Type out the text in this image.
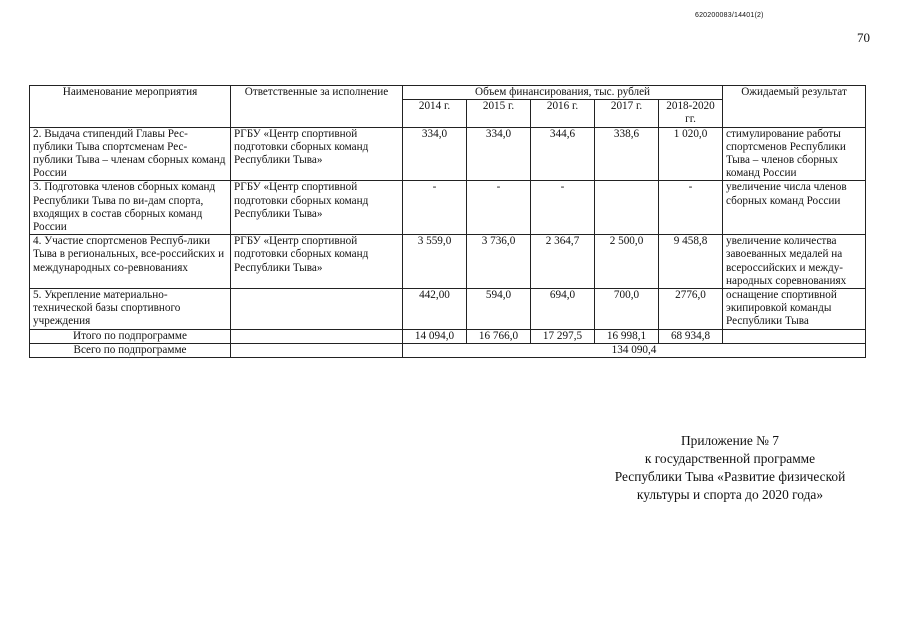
620200083/14401(2)
70
Наименование мероприятия	Ответственные за исполнение	Объем финансирования, тыс. рублей					Ожидаемый результат
		2014 г.	2015 г.	2016 г.	2017 г.	2018-2020 гг.	
2. Выдача стипендий Главы Рес-публики Тыва спортсменам Рес-публики Тыва – членам сборных команд России	РГБУ «Центр спортивной подготовки сборных команд Республики Тыва»	334,0	334,0	344,6	338,6	1 020,0	стимулирование работы спортсменов Республики Тыва – членов сборных команд России
3. Подготовка членов сборных команд Республики Тыва по ви-дам спорта, входящих в состав сборных команд России	РГБУ «Центр спортивной подготовки сборных команд Республики Тыва»	-	-	-		-	увеличение числа членов сборных команд России
4. Участие спортсменов Респуб-лики Тыва в региональных, все-российских и международных со-ревнованиях	РГБУ «Центр спортивной подготовки сборных команд Республики Тыва»	3 559,0	3 736,0	2 364,7	2 500,0	9 458,8	увеличение количества завоеванных медалей на всероссийских и между-народных соревнованиях
5. Укрепление материально-технической базы спортивного учреждения		442,00	594,0	694,0	700,0	2776,0	оснащение спортивной экипировкой команды Республики Тыва
Итого по подпрограмме		14 094,0	16 766,0	17 297,5	16 998,1	68 934,8	
Всего по подпрограмме		134 090,4					
Приложение № 7
к государственной программе
Республики Тыва «Развитие физической
культуры и спорта до 2020 года»
